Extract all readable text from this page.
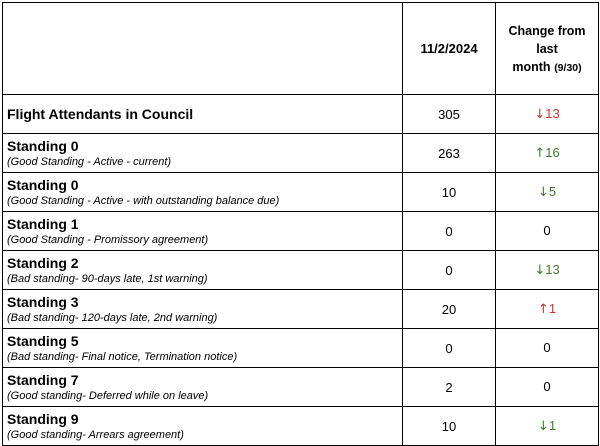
	11/2/2024	Change from last
month (9/30)

Flight Attendants in Council	305	↓13

Standing 0
(Good Standing - Active - current)	263	↑16

Standing 0
(Good Standing - Active - with outstanding balance due)	10	↓5

Standing 1
(Good Standing - Promissory agreement)	0	0

Standing 2
(Bad standing- 90-days late, 1st warning)	0	↓13

Standing 3
(Bad standing- 120-days late, 2nd warning)	20	↑1

Standing 5
(Bad standing- Final notice, Termination notice)	0	0

Standing 7
(Good standing- Deferred while on leave)	2	0

Standing 9
(Good standing- Arrears agreement)	10	↓1
